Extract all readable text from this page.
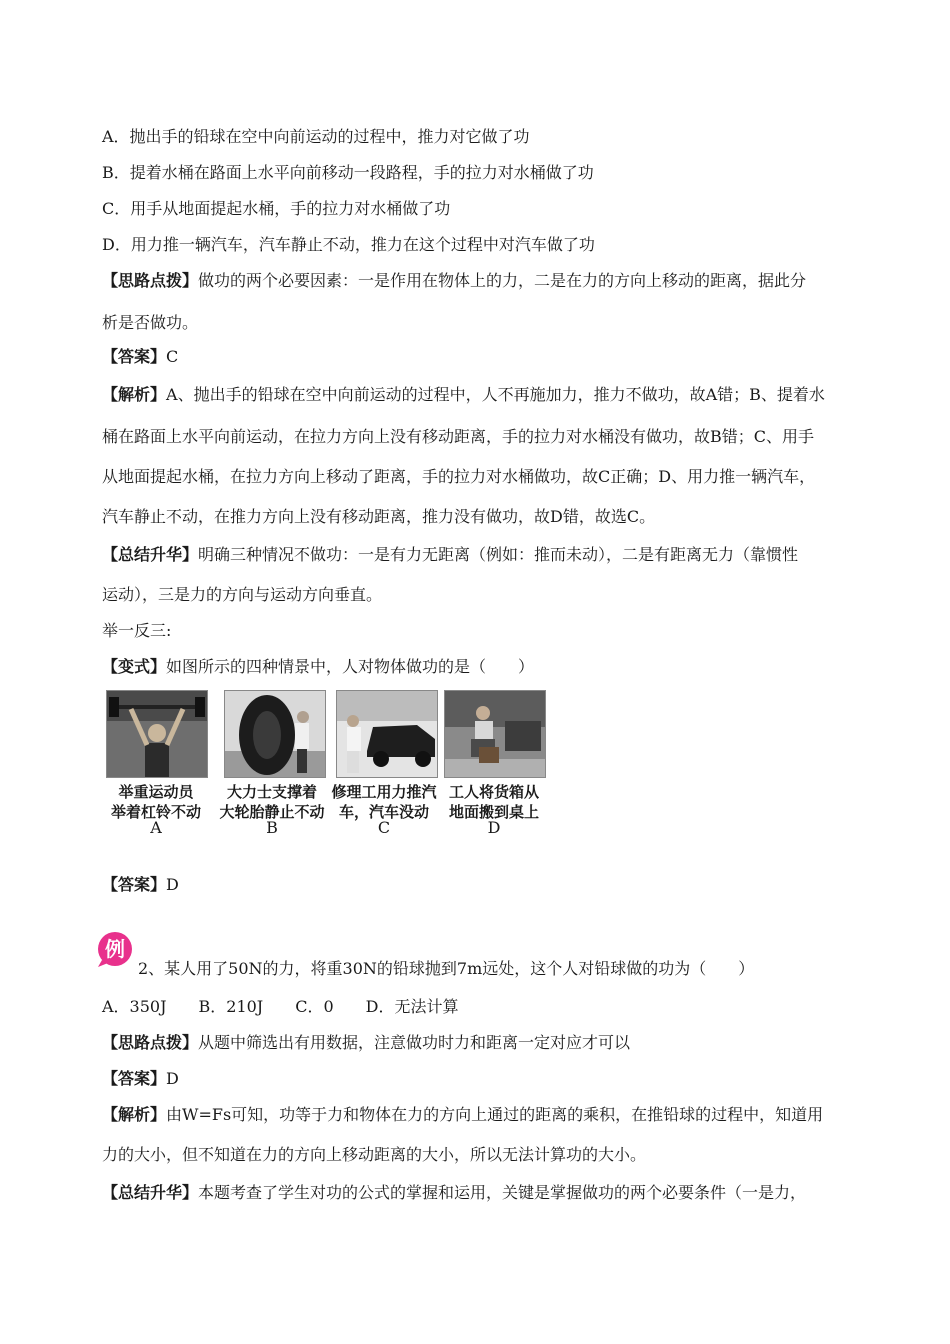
A．抛出手的铅球在空中向前运动的过程中，推力对它做了功
B．提着水桶在路面上水平向前移动一段路程，手的拉力对水桶做了功
C．用手从地面提起水桶，手的拉力对水桶做了功
D．用力推一辆汽车，汽车静止不动，推力在这个过程中对汽车做了功
【思路点拨】做功的两个必要因素：一是作用在物体上的力，二是在力的方向上移动的距离，据此分
析是否做功。
【答案】C
【解析】A、抛出手的铅球在空中向前运动的过程中，人不再施加力，推力不做功，故A错；B、提着水
桶在路面上水平向前运动，在拉力方向上没有移动距离，手的拉力对水桶没有做功，故B错；C、用手
从地面提起水桶，在拉力方向上移动了距离，手的拉力对水桶做功，故C正确；D、用力推一辆汽车，
汽车静止不动，在推力方向上没有移动距离，推力没有做功，故D错，故选C。
【总结升华】明确三种情况不做功：一是有力无距离（例如：推而未动），二是有距离无力（靠惯性
运动），三是力的方向与运动方向垂直。
举一反三:
【变式】如图所示的四种情景中，人对物体做功的是（　　）
举重运动员
举着杠铃不动
A
大力士支撑着
大轮胎静止不动
B
修理工用力推汽
车，汽车没动
C
工人将货箱从
地面搬到桌上
D
【答案】D
例
2、某人用了50N的力，将重30N的铅球抛到7m远处，这个人对铅球做的功为（　　）
A．350J　　B．210J　　C．0　　D．无法计算
【思路点拨】从题中筛选出有用数据，注意做功时力和距离一定对应才可以
【答案】D
【解析】由W=Fs可知，功等于力和物体在力的方向上通过的距离的乘积，在推铅球的过程中，知道用
力的大小，但不知道在力的方向上移动距离的大小，所以无法计算功的大小。
【总结升华】本题考查了学生对功的公式的掌握和运用，关键是掌握做功的两个必要条件（一是力，
